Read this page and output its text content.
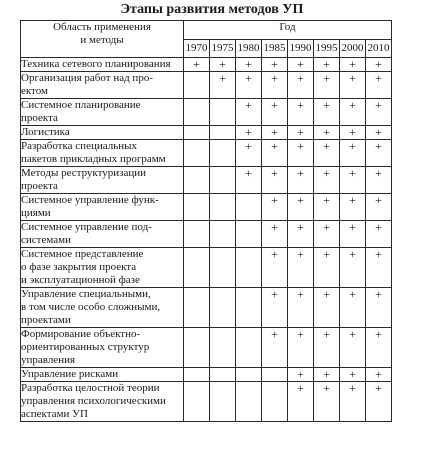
Этапы развития методов УП
Область применения
и методы	Год							
	1970	1975	1980	1985	1990	1995	2000	2010

Техника сетевого планирования	+	+	+	+	+	+	+	+

Организация работ над про-
ектом		+	+	+	+	+	+	+

Системное планирование
проекта			+	+	+	+	+	+

Логистика			+	+	+	+	+	+

Разработка специальных
пакетов прикладных программ			+	+	+	+	+	+

Методы реструктуризации
проекта			+	+	+	+	+	+

Системное управление функ-
циями				+	+	+	+	+

Системное управление под-
системами				+	+	+	+	+

Системное представление
о фазе закрытия проекта
и эксплуатационной фазе				+	+	+	+	+

Управление специальными,
в том числе особо сложными,
проектами				+	+	+	+	+

Формирование объектно-
ориентированных структур
управления				+	+	+	+	+

Управление рисками					+	+	+	+

Разработка целостной теории
управления психологическими
аспектами УП					+	+	+	+
